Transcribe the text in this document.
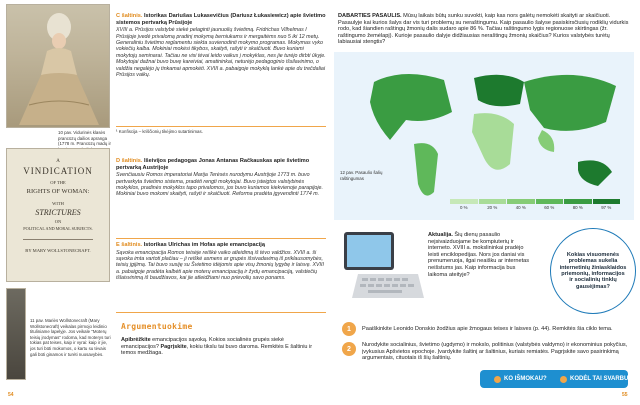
10 pav. Vidurinės klasės prancūzų dailios apranga (1778 m. Prancūzų madų ir
C šaltinis. Istorikas Dariušas Lukasevičius (Dariusz Łukasiewicz) apie švietimo sistemos pertvarką Prūsijoje
XVIII a. Prūsijos valstybė siekė pelaginti jaunuolių švietimą. Fridrichas Vilhelmas I Prūsijoje įvedė privalomą pradinį mokymą berniukams ir mergaitėms nuo 5 iki 12 metų. Generaliniu švietimo reglamentu siekta suvienodinti mokymo programas. Mokymas vyko vokiečių kalba. Mokiniai mokėsi tikybos, skaityti, rašyti ir skaičiuoti. Buvo kuriami mokytojų seminarai. Tačiau ne visi tėvai leido vaikus į mokyklas, nes jie turėjo dirbti ūkyje. Mokytojai dažnai buvo buvę kareiviai, amatininkai, neturėjo pedagoginio išsilavinimo, o valdžia negalėjo jų tinkamai apmokėti. XVIII a. pabaigoje mokyklą lankė apie du trečdaliai Prūsijos vaikų.
¹ Konfiscija – kriščionių tikėjimo sutartinimas.
A
VINDICATION
OF THE
RIGHTS OF WOMAN:
WITH
STRICTURES
ON
POLITICAL AND MORAL SUBJECTS.
BY MARY WOLLSTONECRAFT.
D šaltinis. Išeivijos pedagogas Jonas Antanas Račkauskas apie švietimo pertvarką Austrijoje
Švenčiausiu Romos imperatoriai Marija Terėsės nurodymu Austrijoje 1773 m. buvo pertvarkyta švietimo sistema, pradėti rengti mokytojai. Buvo įsteigtos valstybinės mokyklos, pradinės mokyklos tapo privalomos, jos buvo kuriamos kiekvienoje parapijoje. Mokiniai buvo mokomi skaityti, rašyti ir skaičiuoti. Reforma pradėta įgyvendinti 1774 m.
E šaltinis. Istorikas Ulrichas im Hofas apie emancipaciją
Sąvoka emancipacija Romos teisėje reiškė vaiko atleidimą iš tėvo valdžios. XVIII a. ši sąvoka imta vartoti plačiau – ji reiškė asmens ar grupės išsivadavimą iš priklausomybės, teisių įgijimą. Tai buvo susiję su Švietimo idėjomis apie visų žmonių lygybę ir laisvę. XVIII a. pabaigoje pradėta kalbėti apie moterų emancipaciją ir žydų emancipaciją, valstiečių išlaisvinimą iš baudžiavos, kai jie atleidžiami nuo prievolių savo ponams.
11 pav. Mariės Wollstonecraft (Mary Wollstonecraft) veikalas pirmojo leidinio tituliniame lapelyje. Jos veikale "Moterų teisių įrodymas" rodoma, kad moterys turi tokias pat teises, kaip ir vyrai: kaip ir jie, jos turi būti mokomos, o kartu su tėvais gali būti ginamos ir turėti nuosavybės.
Argumentuokime
Apibrėžkite emancipacijos sąvoką. Kokios socialinės grupės siekė emancipacijos? Pagrįskite, kokiu tikslu tai buvo daroma. Remkitės E šaltiniu ir temos medžiaga.
54
DABARTIES PASAULIS. Mūsų laikais būtų sunku suvokti, kaip kas nors galėtų nemokėti skaityti ar skaičiuoti. Pasaulyje kai kurios šalys dar vis turi problemų su neraštingumu. Kaip pasaulio šalyse pasiskirsčiusių rodiklių vidurkis rodo, kad šiandien raštingų žmonių dalis sudaro apie 86 %. Tačiau raštingumo lygis regionuose skirtingas (žr. raštingumo žemėlapį). Kurioje pasaulio dalyje didžiausias neraštingų žmonių skaičius? Kurios valstybės turėtų labiausiai stengtis?
12 pav. Pasaulio šalių raštingumas
0 %	20 %	40 %	60 %	80 %	97 %
Aktualija. Šių dienų pasaulio neįsivaizduojame be kompiuterių ir interneto. XVIII a. mokslininkai pradėjo leisti enciklopedijas. Nors jos daniai vis prenumeruoja, ilgai neaišku ar internetas neišstums jas. Kaip informacija bus laikoma ateityje?
Kokias visuomenės problemas sukelia internetinių žiniasklaidos priemonių, informacijos ir socialinių tinklų gausėjimas?
1	Paaiškinkite Leonido Donskio žodžius apie žmogaus teises ir laisves (p. 44). Remkitės šia ciklo tema.
2
Nurodykite socialinius, švietimo (ugdymo) ir mokslo, politinius (valstybės valdymo) ir ekonominius pokyčius, įvykusius Apšvietos epochoje. Įvardykite šaltinį ar šaltinius, kuriais remiatės. Pagrįskite savo pasirinkimą argumentais, cituotais iš šių šaltinių.
KO IŠMOKAU?	KODĖL TAI SVARBU?
55
